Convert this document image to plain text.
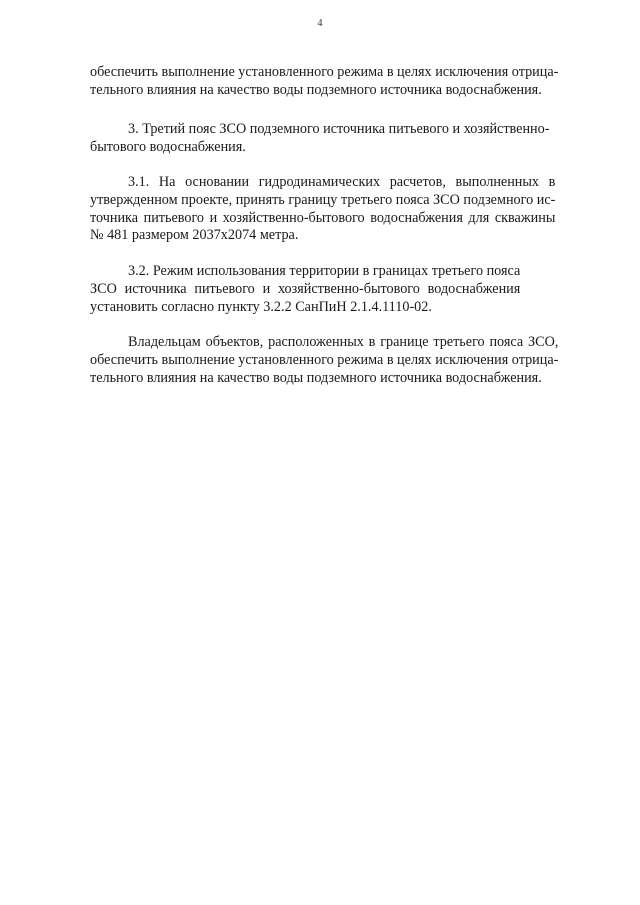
4
обеспечить выполнение установленного режима в целях исключения отрица-
тельного влияния на качество воды подземного источника водоснабжения.
3. Третий пояс ЗСО подземного источника питьевого и хозяйственно-
бытового водоснабжения.
3.1. На основании гидродинамических расчетов, выполненных в
утвержденном проекте, принять границу третьего пояса ЗСО подземного ис-
точника питьевого и хозяйственно-бытового водоснабжения для скважины
№ 481 размером 2037х2074 метра.
3.2. Режим использования территории в границах третьего пояса
ЗСО источника питьевого и хозяйственно-бытового водоснабжения
установить согласно пункту 3.2.2 СанПиН 2.1.4.1110-02.
Владельцам объектов, расположенных в границе третьего пояса ЗСО,
обеспечить выполнение установленного режима в целях исключения отрица-
тельного влияния на качество воды подземного источника водоснабжения.
